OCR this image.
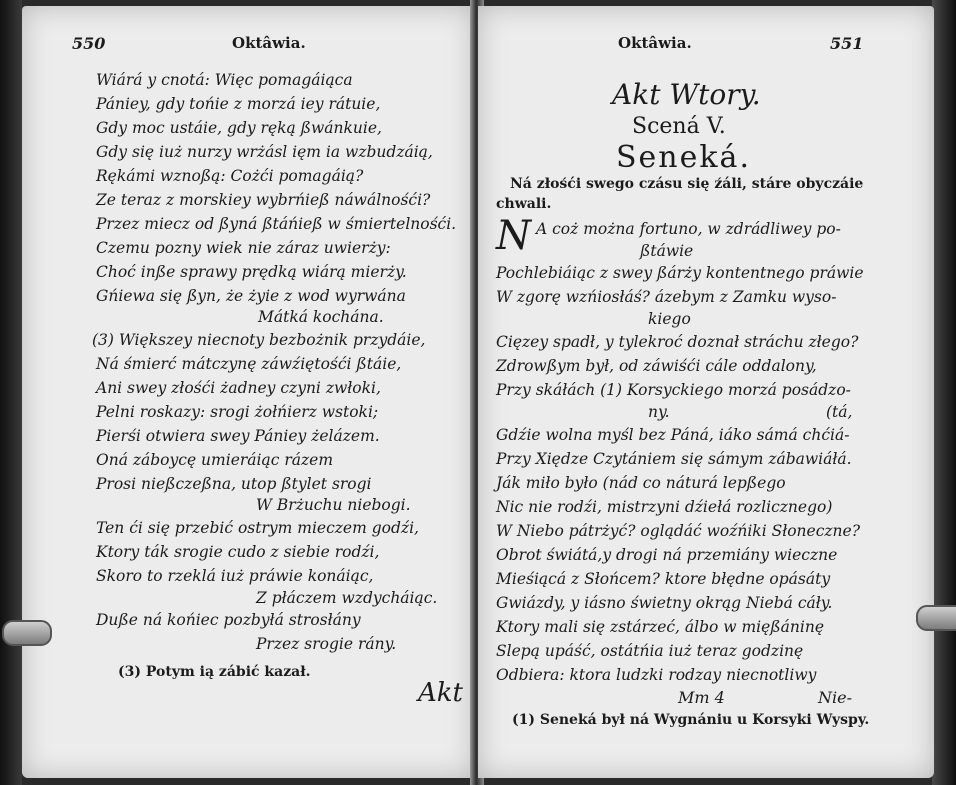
550	Oktâwia.
Wiárá y cnotá: Więc pomagáiąca
Pániey, gdy tońie z morzá iey rátuie,
Gdy moc ustáie, gdy ręką ßwánkuie,
Gdy się iuż nurzy wrżásl ięm ia wzbudzáią,
Rękámi wznoßą: Cożći pomagáią?
Ze teraz z morskiey wybrńieß náwálnośći?
Przez miecz od ßyná ßtáńieß w śmiertelnośći.
Czemu pozny wiek nie záraz uwierży:
Choć inße sprawy prędką wiárą mierży.
Gńiewa się ßyn, że żyie z wod wyrwána
Mátká kochána.
(3) Większey niecnoty bezbożnik przydáie,
Ná śmierć mátczynę záwźiętośći ßtáie,
Ani swey złośći żadney czyni zwłoki,
Pelni roskazy: srogi żołńierz wstoki;
Pierśi otwiera swey Pániey żelázem.
Oná záboycę umieráiąc rázem
Prosi nießczeßna, utop ßtylet srogi
W Brżuchu niebogi.
Ten ći się przebić ostrym mieczem godźi,
Ktory ták srogie cudo z siebie rodźi,
Skoro to rzeklá iuż práwie konáiąc,
Z płáczem wzdycháiąc.
Duße ná końiec pozbyłá strosłány
Przez srogie rány.
(3) Potym ią zábić kazał.
Akt
Oktâwia.	551
Akt Wtory.
Scená V.
Seneká.
Ná złośći swego czásu się źáli, stáre obyczáie
chwali.
N A coż można fortuno, w zdrádliwey po-
ßtáwie
Pochlebiáiąc z swey ßárży kontentnego práwie
W zgorę wzńiosłáś? ázebym z Zamku wyso-
kiego
Cięzey spadł, y tylekroć doznał stráchu złego?
Zdrowßym był, od záwiśći cále oddalony,
Przy skáłách (1) Korsyckiego morzá posádzo-
ny.	(tá,
Gdźie wolna myśl bez Páná, iáko sámá chćiá-
Przy Xiędze Czytániem się sámym zábawiáłá.
Ják miło było (nád co náturá lepßego
Nic nie rodźi, mistrzyni dźiełá rozlicznego)
W Niebo pátrżyć? oglądáć woźńiki Słoneczne?
Obrot świátá,y drogi ná przemiány wieczne
Mieśiącá z Słońcem? ktore błędne opásáty
Gwiázdy, y iásno świetny okrąg Niebá cáły.
Ktory mali się zstárzeć, álbo w mięßáninę
Slepą upáść, ostátńia iuż teraz godzinę
Odbiera: ktora ludzki rodzay niecnotliwy
Mm 4	Nie-
(1) Seneká był ná Wygnániu u Korsyki Wyspy.
